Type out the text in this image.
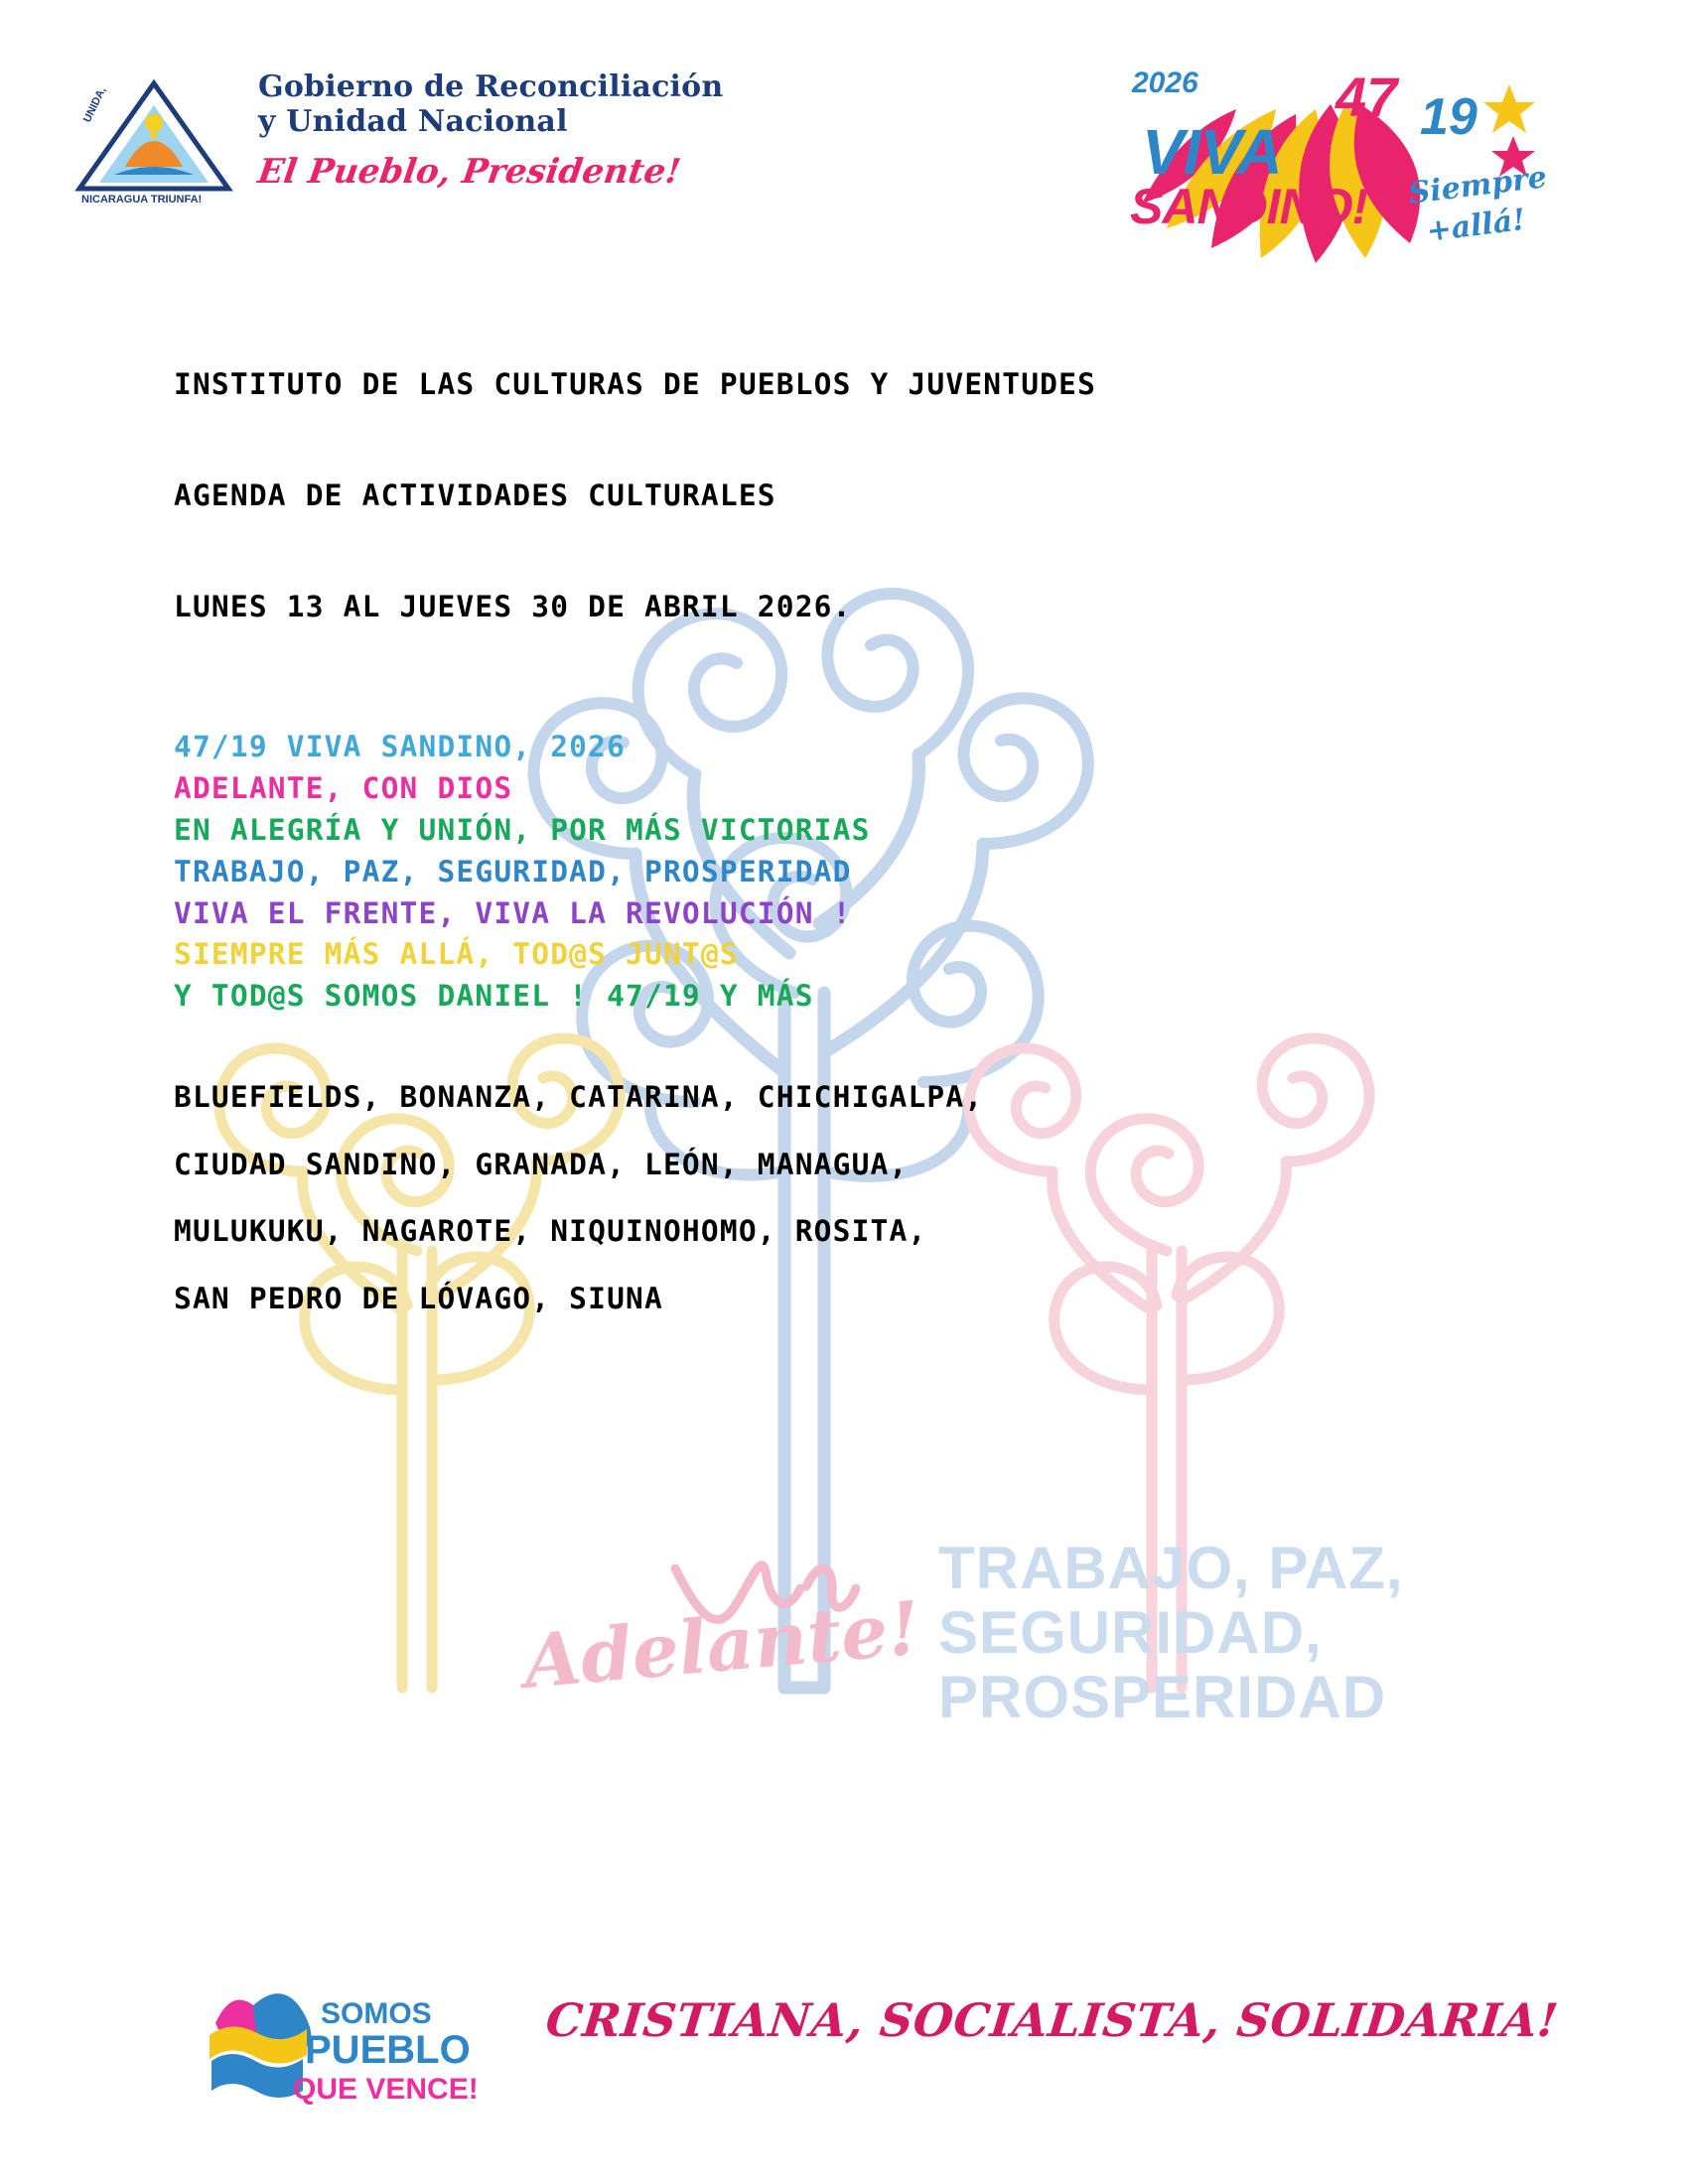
Adelante!
TRABAJO, PAZ,
SEGURIDAD,
PROSPERIDAD
UNIDA,
NICARAGUA TRIUNFA!
Gobierno de Reconciliación
y Unidad Nacional
El Pueblo, Presidente!	VIVA
SANDINO!
2026 47 19
Siempre
+allá!
INSTITUTO DE LAS CULTURAS DE PUEBLOS Y JUVENTUDES
AGENDA DE ACTIVIDADES CULTURALES
LUNES 13 AL JUEVES 30 DE ABRIL 2026.
47/19 VIVA SANDINO, 2026
ADELANTE, CON DIOS
EN ALEGRÍA Y UNIÓN, POR MÁS VICTORIAS
TRABAJO, PAZ, SEGURIDAD, PROSPERIDAD
VIVA EL FRENTE, VIVA LA REVOLUCIÓN !
SIEMPRE MÁS ALLÁ, TOD@S JUNT@S
Y TOD@S SOMOS DANIEL ! 47/19 Y MÁS
BLUEFIELDS, BONANZA, CATARINA, CHICHIGALPA,
CIUDAD SANDINO, GRANADA, LEÓN, MANAGUA,
MULUKUKU, NAGAROTE, NIQUINOHOMO, ROSITA,
SAN PEDRO DE LÓVAGO, SIUNA
SOMOS
PUEBLO
QUE VENCE!
CRISTIANA, SOCIALISTA, SOLIDARIA!
